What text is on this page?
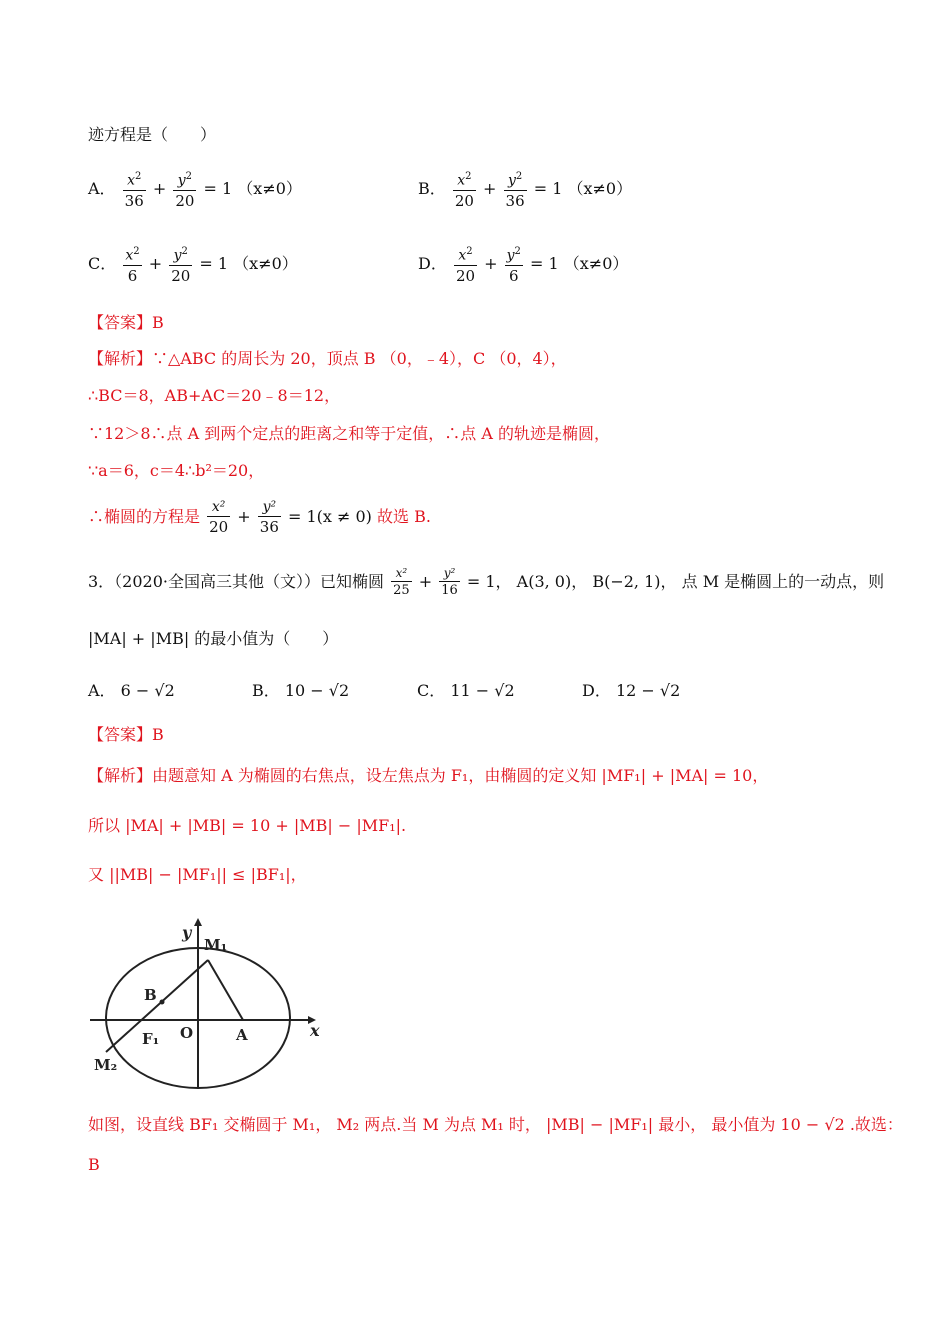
迹方程是（　　）
A． $\frac{x^2}{36} + \frac{y^2}{20} = 1$ （x≠0）	B． $\frac{x^2}{20} + \frac{y^2}{36} = 1$ （x≠0）
C． $\frac{x^2}{6} + \frac{y^2}{20} = 1$ （x≠0）	D． $\frac{x^2}{20} + \frac{y^2}{6} = 1$ （x≠0）
【答案】B
【解析】∵△ABC 的周长为 20，顶点 B （0，﹣4），C （0，4），
∴BC＝8，AB+AC＝20﹣8＝12，
∵12＞8∴点 A 到两个定点的距离之和等于定值，∴点 A 的轨迹是椭圆，
∵a＝6，c＝4∴b²＝20，
∴椭圆的方程是 $\frac{\text{x²}}{20} + \frac{\text{y²}}{36} = 1(x \ne 0)$ 故选 B.
3．（2020·全国高三其他（文））已知椭圆 $\frac{\text{x²}}{25} + \frac{\text{y²}}{16} = 1$， A(3, 0)， B(−2, 1)， 点 M 是椭圆上的一动点，则
|MA| + |MB| 的最小值为（　　）
A． 6 − √2	B． 10 − √2	C． 11 − √2	D． 12 − √2
【答案】B
【解析】由题意知 A 为椭圆的右焦点，设左焦点为 F₁，由椭圆的定义知 |MF₁| + |MA| = 10，
所以 |MA| + |MB| = 10 + |MB| − |MF₁|.
又 ||MB| − |MF₁|| ≤ |BF₁|，
y
x
M₁
M₂
B
F₁ O	A
如图，设直线 BF₁ 交椭圆于 M₁， M₂ 两点.当 M 为点 M₁ 时， |MB| − |MF₁| 最小， 最小值为 10 − √2 .故选：
B
